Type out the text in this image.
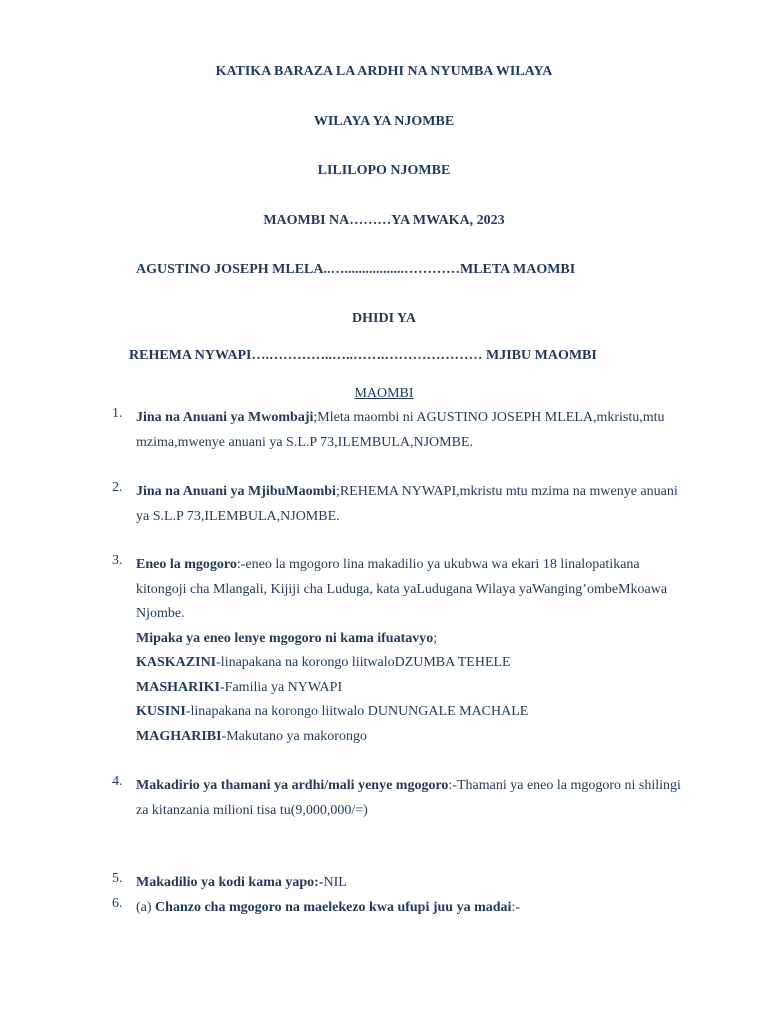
KATIKA BARAZA LA ARDHI NA NYUMBA WILAYA
WILAYA YA NJOMBE
LILILOPO NJOMBE
MAOMBI NA………YA MWAKA, 2023
AGUSTINO JOSEPH MLELA..….................…………MLETA MAOMBI
DHIDI YA
REHEMA NYWAPI….…………..…..…….………………… MJIBU MAOMBI
MAOMBI
1. Jina na Anuani ya Mwombaji;Mleta maombi ni AGUSTINO JOSEPH MLELA,mkristu,mtu mzima,mwenye anuani ya S.L.P 73,ILEMBULA,NJOMBE.
2. Jina na Anuani ya MjibuMaombi;REHEMA NYWAPI,mkristu mtu mzima na mwenye anuani ya S.L.P 73,ILEMBULA,NJOMBE.
3. Eneo la mgogoro:-eneo la mgogoro lina makadilio ya ukubwa wa ekari 18 linalopatikana kitongoji cha Mlangali, Kijiji cha Luduga, kata yaLudugana Wilaya yaWanging’ombeMkoawa Njombe.
Mipaka ya eneo lenye mgogoro ni kama ifuatavyo;
KASKAZINI-linapakana na korongo liitwaloDZUMBA TEHELE
MASHARIKI-Familia ya NYWAPI
KUSINI-linapakana na korongo liitwalo DUNUNGALE MACHALE
MAGHARIBI-Makutano ya makorongo
4. Makadirio ya thamani ya ardhi/mali yenye mgogoro:-Thamani ya eneo la mgogoro ni shilingi za kitanzania milioni tisa tu(9,000,000/=)
5. Makadilio ya kodi kama yapo:-NIL
6. (a) Chanzo cha mgogoro na maelekezo kwa ufupi juu ya madai:-
